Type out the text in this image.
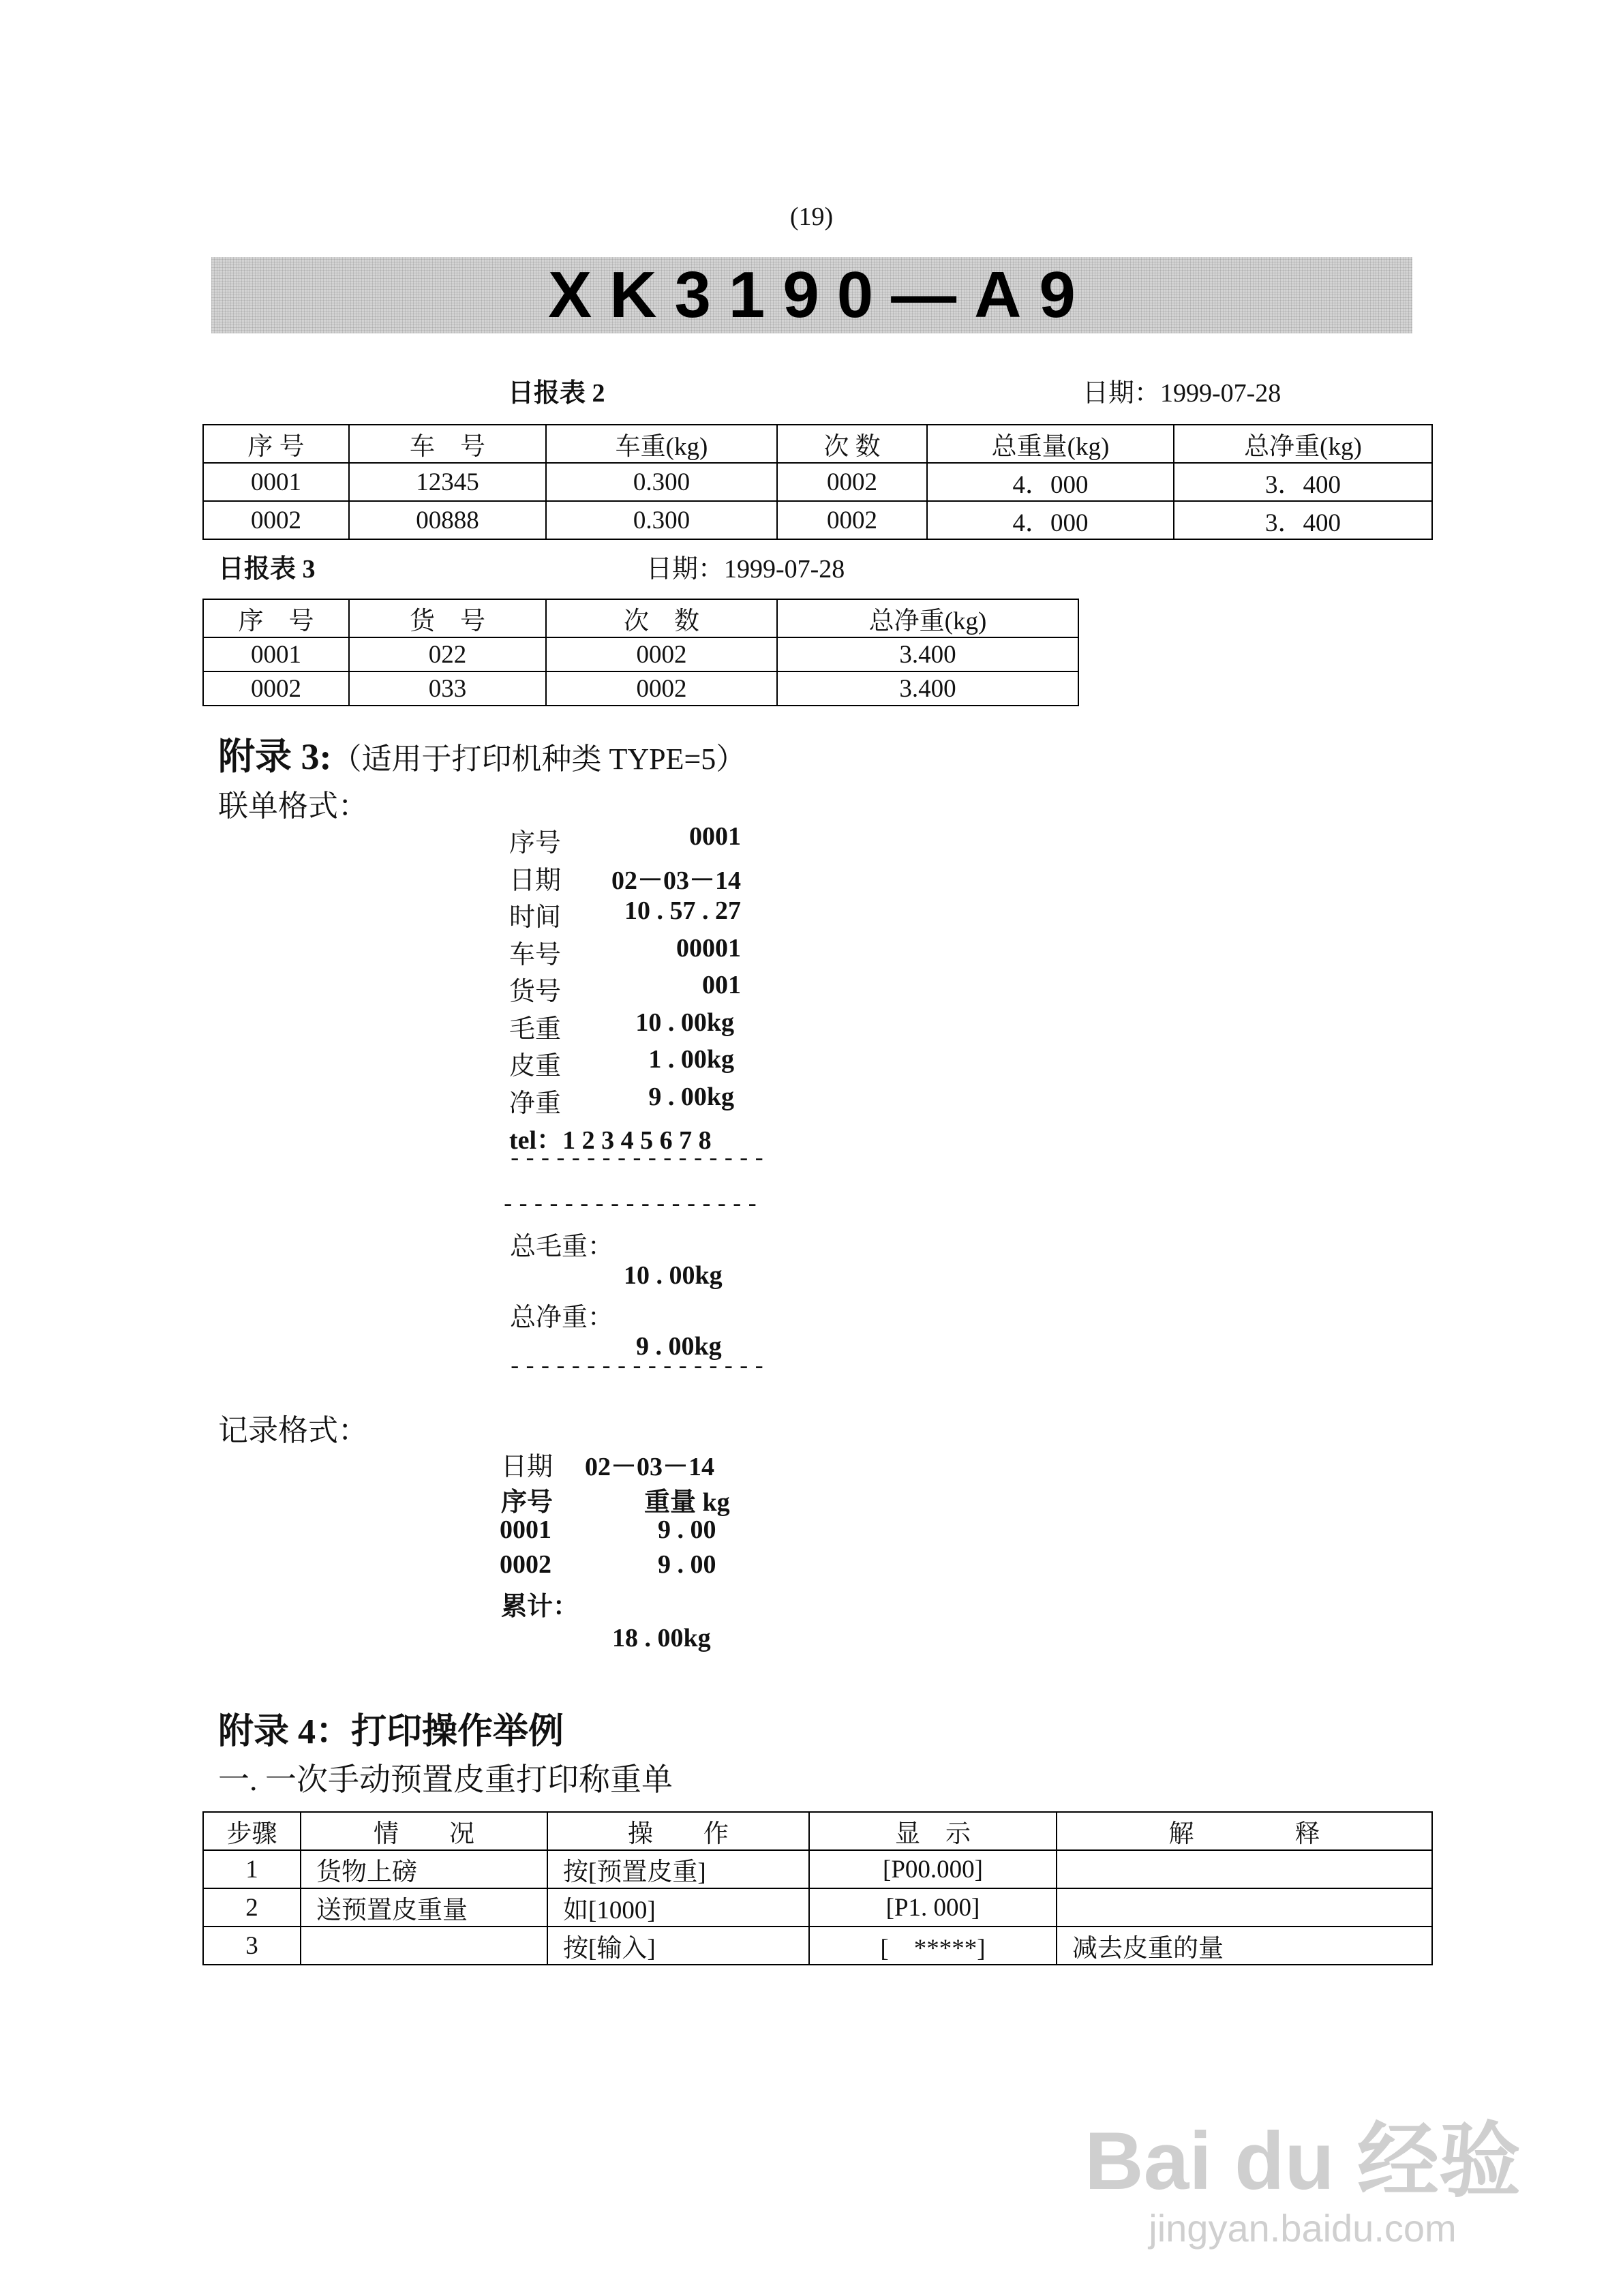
(19)
XK3190—A9
日报表 2	日期：1999-07-28
序 号	车　号	车重(kg)	次 数	总重量(kg)	总净重(kg)
0001	12345	0.300	0002	4．000	3．400
0002	00888	0.300	0002	4．000	3．400
日报表 3	日期：1999-07-28
序　号	货　号	次　数	总净重(kg)
0001	022	0002	3.400
0002	033	0002	3.400
附录 3:（适用于打印机种类 TYPE=5）
联单格式：
序号	0001
日期 02－03－14
时间 10 . 57 . 27
车号	00001
货号	001
毛重	10 . 00kg
皮重	1 . 00kg
净重	9 . 00kg
tel：1 2 3 4 5 6 7 8
-----------------
-----------------
总毛重：
10 . 00kg
总净重：
9 . 00kg
-----------------
记录格式：
日期 02－03－14
序号	重量 kg
0001	9 . 00
0002	9 . 00
累计：
18 . 00kg
附录 4：打印操作举例
一. 一次手动预置皮重打印称重单
步骤	情　　况	操　　作	显　示	解　　　　释
1	货物上磅	按[预置皮重]	[P00.000]	
2	送预置皮重量	如[1000]	[P1. 000]	
3		按[输入]	[　*****]	减去皮重的量
Bai du 经验
jingyan.baidu.com
